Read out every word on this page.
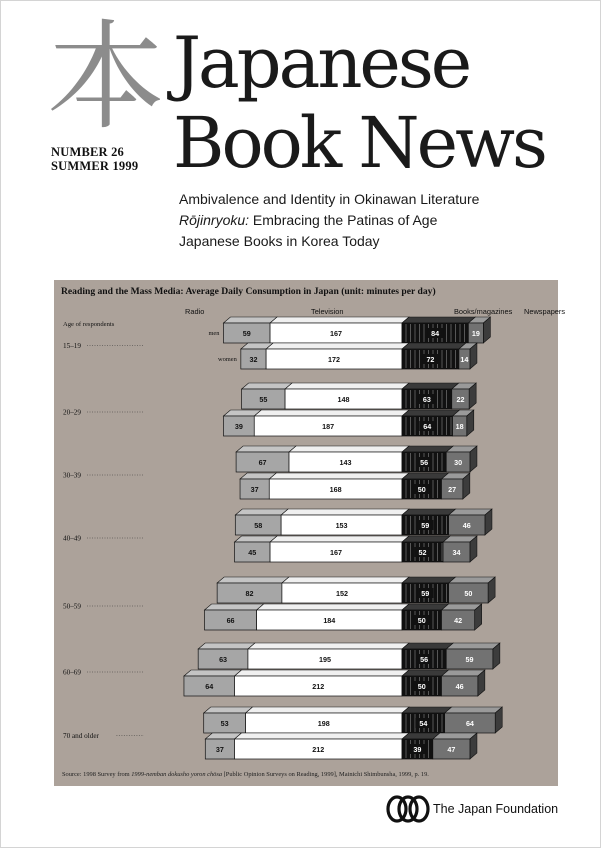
本 Japanese
Book News
NUMBER 26
SUMMER 1999
Ambivalence and Identity in Okinawan Literature
Rōjinryoku: Embracing the Patinas of Age
Japanese Books in Korea Today
Radio	Television	Books/magazines Newspapers
Age of respondents
59	167	84	19
men
32	172	72	14
women
15–19
55	148	63	22
39	187	64	18
20–29
67	143	56	30
37	168	50	27
30–39
58	153	59	46
45	167	52	34
40–49
82	152	59	50
66	184	50	42
50–59
63	195	56	59
64	212	50	46
60–69
53	198	54	64
37	212	39	47
70 and older
Reading and the Mass Media: Average Daily Consumption in Japan (unit: minutes per day)
Source: 1998 Survey from 1999-nemban dokusho yoron chōsa [Public Opinion Surveys on Reading, 1999], Mainichi Shimbunsha, 1999, p. 19.
The Japan Foundation
